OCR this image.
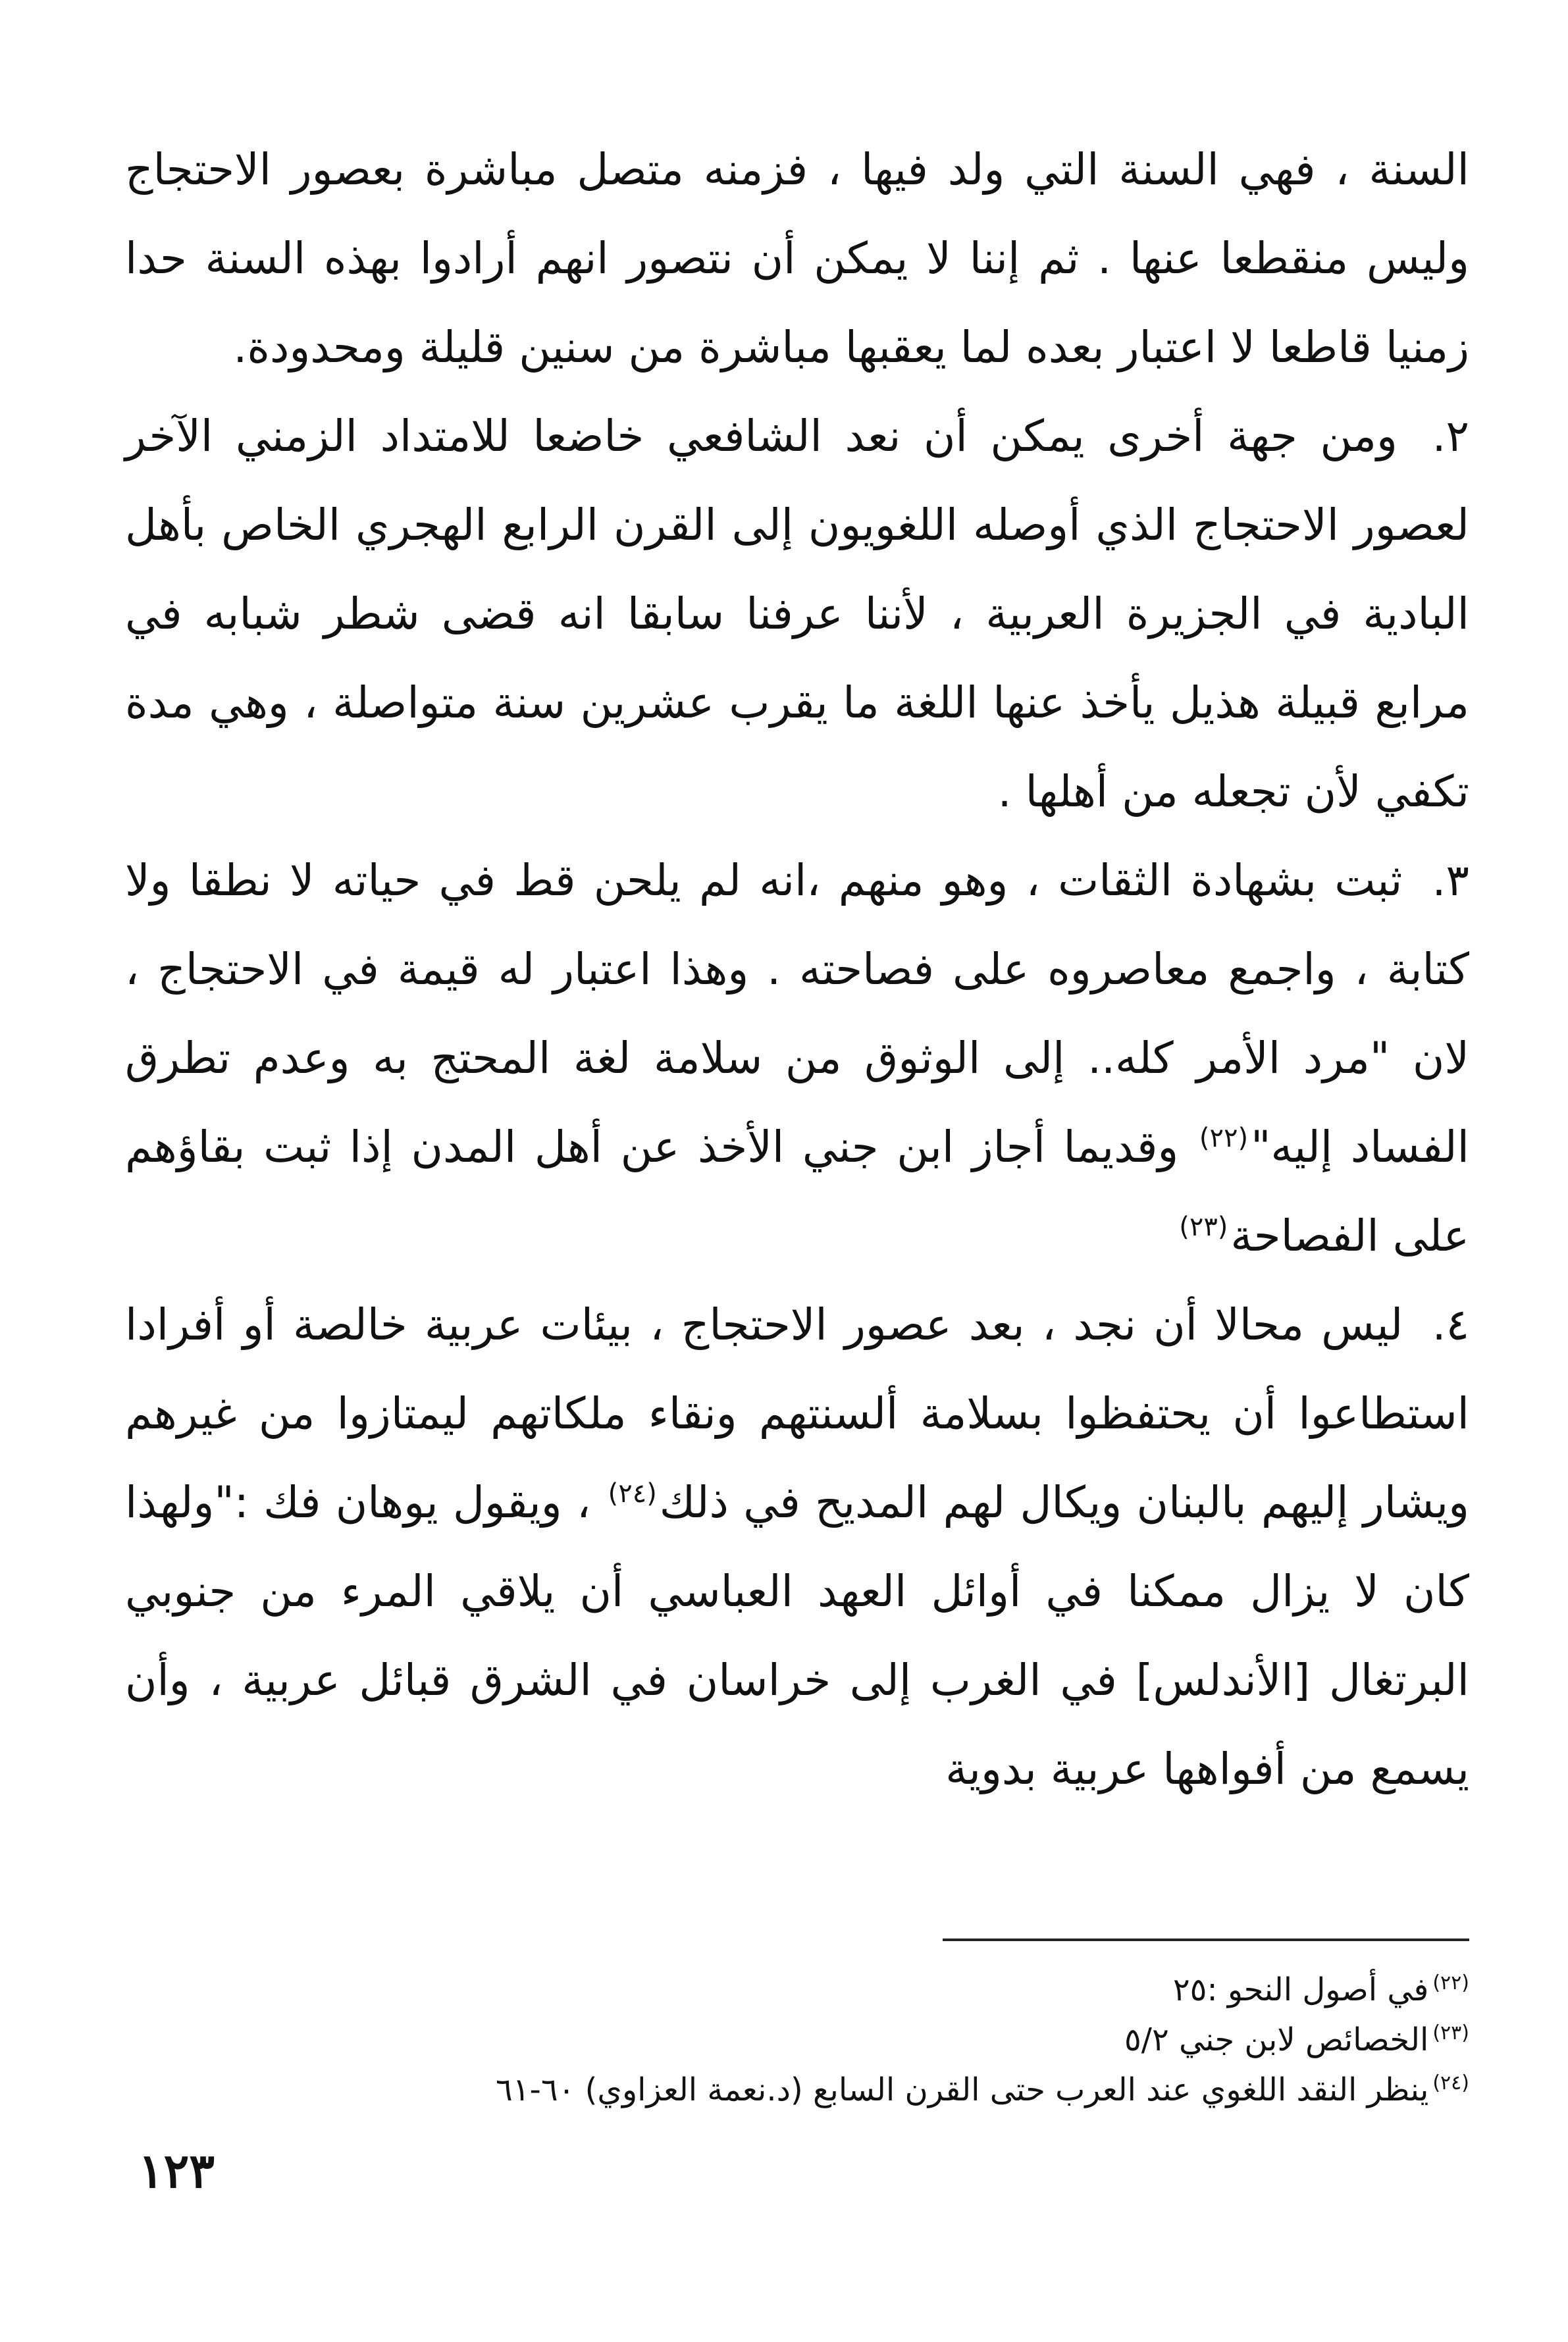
السنة ، فهي السنة التي ولد فيها ، فزمنه متصل مباشرة بعصور الاحتجاج وليس منقطعا عنها . ثم إننا لا يمكن أن نتصور انهم أرادوا بهذه السنة حدا زمنيا قاطعا لا اعتبار بعده لما يعقبها مباشرة من سنين قليلة ومحدودة.

٢. ومن جهة أخرى يمكن أن نعد الشافعي خاضعا للامتداد الزمني الآخر لعصور الاحتجاج الذي أوصله اللغويون إلى القرن الرابع الهجري الخاص بأهل البادية في الجزيرة العربية ، لأننا عرفنا سابقا انه قضى شطر شبابه في مرابع قبيلة هذيل يأخذ عنها اللغة ما يقرب عشرين سنة متواصلة ، وهي مدة تكفي لأن تجعله من أهلها .

٣. ثبت بشهادة الثقات ، وهو منهم ،انه لم يلحن قط في حياته لا نطقا ولا كتابة ، واجمع معاصروه على فصاحته . وهذا اعتبار له قيمة في الاحتجاج ، لان "مرد الأمر كله.. إلى الوثوق من سلامة لغة المحتج به وعدم تطرق الفساد إليه"$^{(٢٢)}$ وقديما أجاز ابن جني الأخذ عن أهل المدن إذا ثبت بقاؤهم على الفصاحة$^{(٢٣)}$

٤. ليس محالا أن نجد ، بعد عصور الاحتجاج ، بيئات عربية خالصة أو أفرادا استطاعوا أن يحتفظوا بسلامة ألسنتهم ونقاء ملكاتهم ليمتازوا من غيرهم ويشار إليهم بالبنان ويكال لهم المديح في ذلك$^{(٢٤)}$ ، ويقول يوهان فك :"ولهذا كان لا يزال ممكنا في أوائل العهد العباسي أن يلاقي المرء من جنوبي البرتغال [الأندلس] في الغرب إلى خراسان في الشرق قبائل عربية ، وأن يسمع من أفواهها عربية بدوية

$^{(٢٢)}$في أصول النحو :٢٥

$^{(٢٣)}$الخصائص لابن جني ٥/٢

$^{(٢٤)}$ينظر النقد اللغوي عند العرب حتى القرن السابع (د.نعمة العزاوي) ٦٠-٦١

١٢٣
